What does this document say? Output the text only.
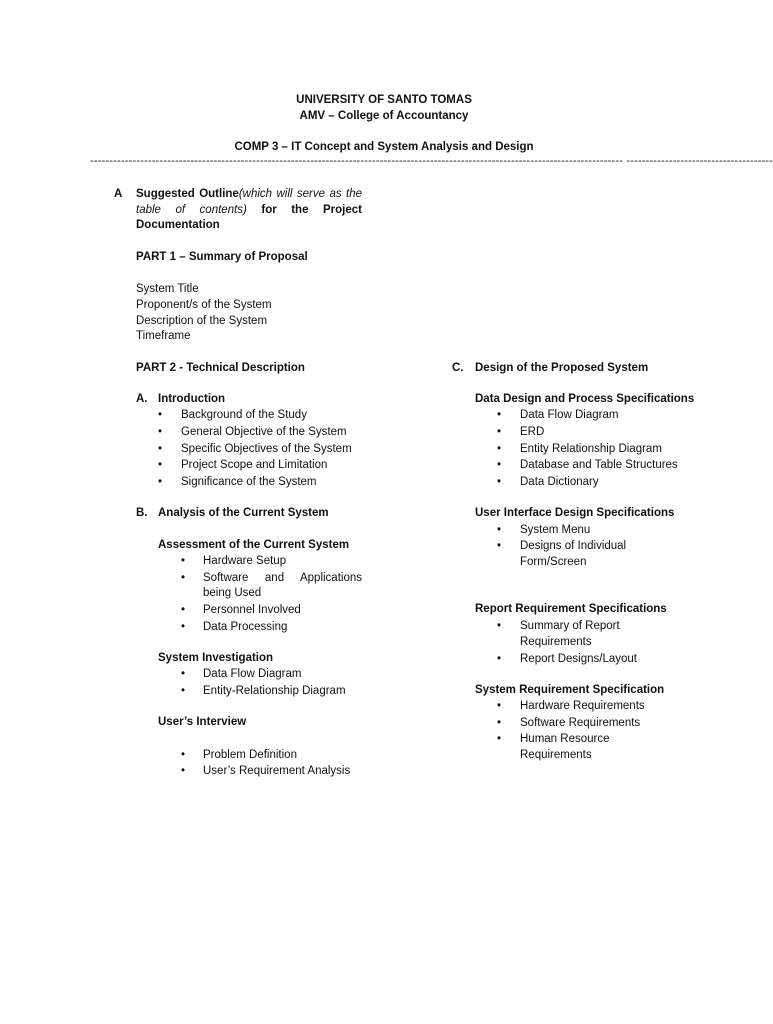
UNIVERSITY OF SANTO TOMAS
AMV – College of Accountancy
COMP 3 – IT Concept and System Analysis and Design
------------------------------------------------------------------------------------------------------------------------------------------ --------------------------------------
A Suggested Outline(which will serve as the
table of contents) for the Project
Documentation
PART 1 – Summary of Proposal
System Title
Proponent/s of the System
Description of the System
Timeframe
PART 2 - Technical Description
A. Introduction
•	Background of the Study
•	General Objective of the System
•	Specific Objectives of the System
•	Project Scope and Limitation
•	Significance of the System
B. Analysis of the Current System
Assessment of the Current System
•	Hardware Setup
•	Software and Applications
being Used
•	Personnel Involved
•	Data Processing
System Investigation
•	Data Flow Diagram
•	Entity-Relationship Diagram
User’s Interview
•	Problem Definition
•	User’s Requirement Analysis
C. Design of the Proposed System
Data Design and Process Specifications
•	Data Flow Diagram
•	ERD
•	Entity Relationship Diagram
•	Database and Table Structures
•	Data Dictionary
User Interface Design Specifications
•	System Menu
•	Designs of Individual
Form/Screen
Report Requirement Specifications
•	Summary of Report
Requirements
•	Report Designs/Layout
System Requirement Specification
•	Hardware Requirements
•	Software Requirements
•	Human Resource
Requirements
